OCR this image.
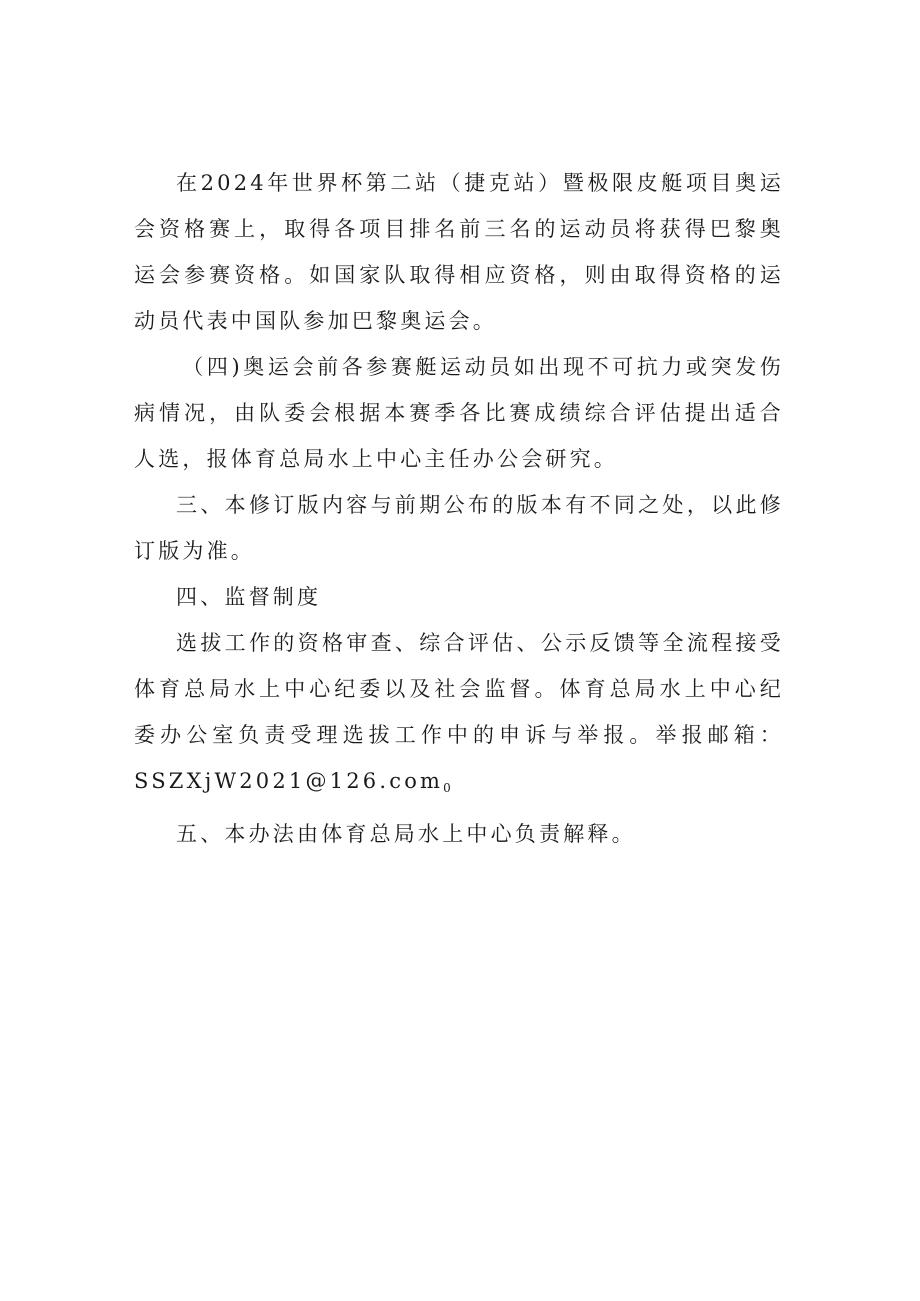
在2024年世界杯第二站（捷克站）暨极限皮艇项目奥运会资格赛上，取得各项目排名前三名的运动员将获得巴黎奥运会参赛资格。如国家队取得相应资格，则由取得资格的运动员代表中国队参加巴黎奥运会。

（四)奥运会前各参赛艇运动员如出现不可抗力或突发伤病情况，由队委会根据本赛季各比赛成绩综合评估提出适合人选，报体育总局水上中心主任办公会研究。

三、本修订版内容与前期公布的版本有不同之处，以此修订版为准。

四、监督制度

选拔工作的资格审查、综合评估、公示反馈等全流程接受体育总局水上中心纪委以及社会监督。体育总局水上中心纪委办公室负责受理选拔工作中的申诉与举报。举报邮箱：SSZXjW2021@126.com0

五、本办法由体育总局水上中心负责解释。
